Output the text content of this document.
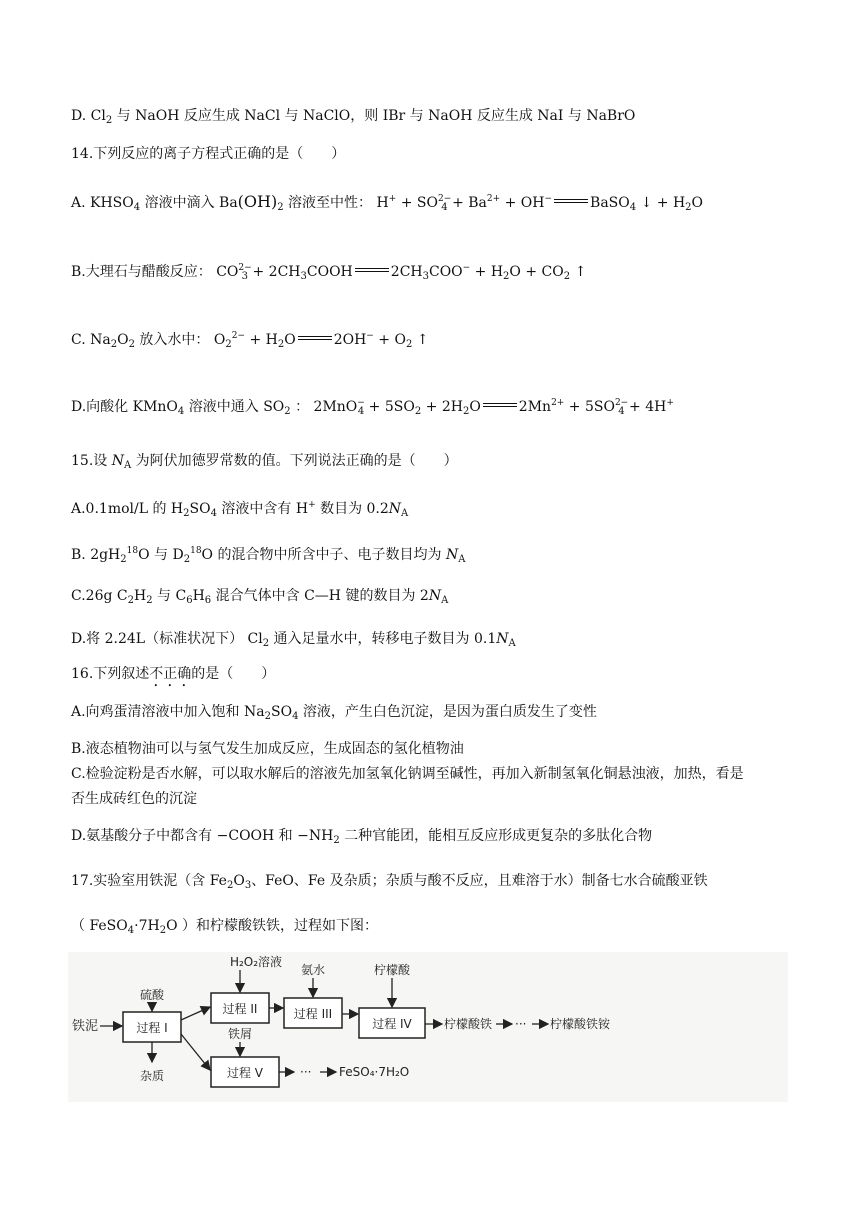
D. $Cl_2$ 与 NaOH 反应生成 NaCl 与 NaClO，则 IBr 与 NaOH 反应生成 NaI 与 NaBrO
14.下列反应的离子方程式正确的是（　　）
A. $KHSO_4$ 溶液中滴入 $Ba(OH)_2$ 溶液至中性： $H^+ + SO^{2-}_4 + Ba^{2+} + OH^-$	BaSO$_4$ ↓ + $H_2O$
B.大理石与醋酸反应： $CO^{2-}_3$ + $2CH_3COOH$	$2CH_3COO^- + H_2O + CO_2$ ↑
C. $Na_2O_2$ 放入水中： $O_2^{2-} + H_2O$	$2OH^- + O_2$ ↑
D.向酸化 KMnO$_4$ 溶液中通入 $SO_2$ ： $2MnO^-_4 + 5SO_2 + 2H_2O$	$2Mn^{2+} + 5SO^{2-}_4 + 4H^+$
15.设 $N_A$ 为阿伏加德罗常数的值。下列说法正确的是（　　）
A.0.1mol/L 的 $H_2SO_4$ 溶液中含有 H+ 数目为 $0.2N_A$
B. $2gH_2^{18}O$ 与 $D_2^{18}O$ 的混合物中所含中子、电子数目均为 $N_A$
C.26g $C_2H_2$ 与 $C_6H_6$ 混合气体中含 C—H 键的数目为 $2N_A$
D.将 2.24L（标准状况下） $Cl_2$ 通入足量水中，转移电子数目为 $0.1N_A$
16.下列叙述不正确的是（　　）
A.向鸡蛋清溶液中加入饱和 $Na_2SO_4$ 溶液，产生白色沉淀，是因为蛋白质发生了变性
B.液态植物油可以与氢气发生加成反应，生成固态的氢化植物油
C.检验淀粉是否水解，可以取水解后的溶液先加氢氧化钠调至碱性，再加入新制氢氧化铜悬浊液，加热，看是
否生成砖红色的沉淀
D.氨基酸分子中都含有 −COOH 和 $-NH_2$ 二种官能团，能相互反应形成更复杂的多肽化合物
17.实验室用铁泥（含 $Fe_2O_3$、FeO、Fe 及杂质；杂质与酸不反应，且难溶于水）制备七水合硫酸亚铁
（ $FeSO_4\cdot 7H_2O$ ）和柠檬酸铁铁，过程如下图：
铁泥	过程 I
硫酸
杂质
过程 II
H₂O₂溶液
过程 III
氨水
过程 IV
柠檬酸
柠檬酸铁 ··· 柠檬酸铁铵
铁屑
过程 V	··· FeSO₄·7H₂O
